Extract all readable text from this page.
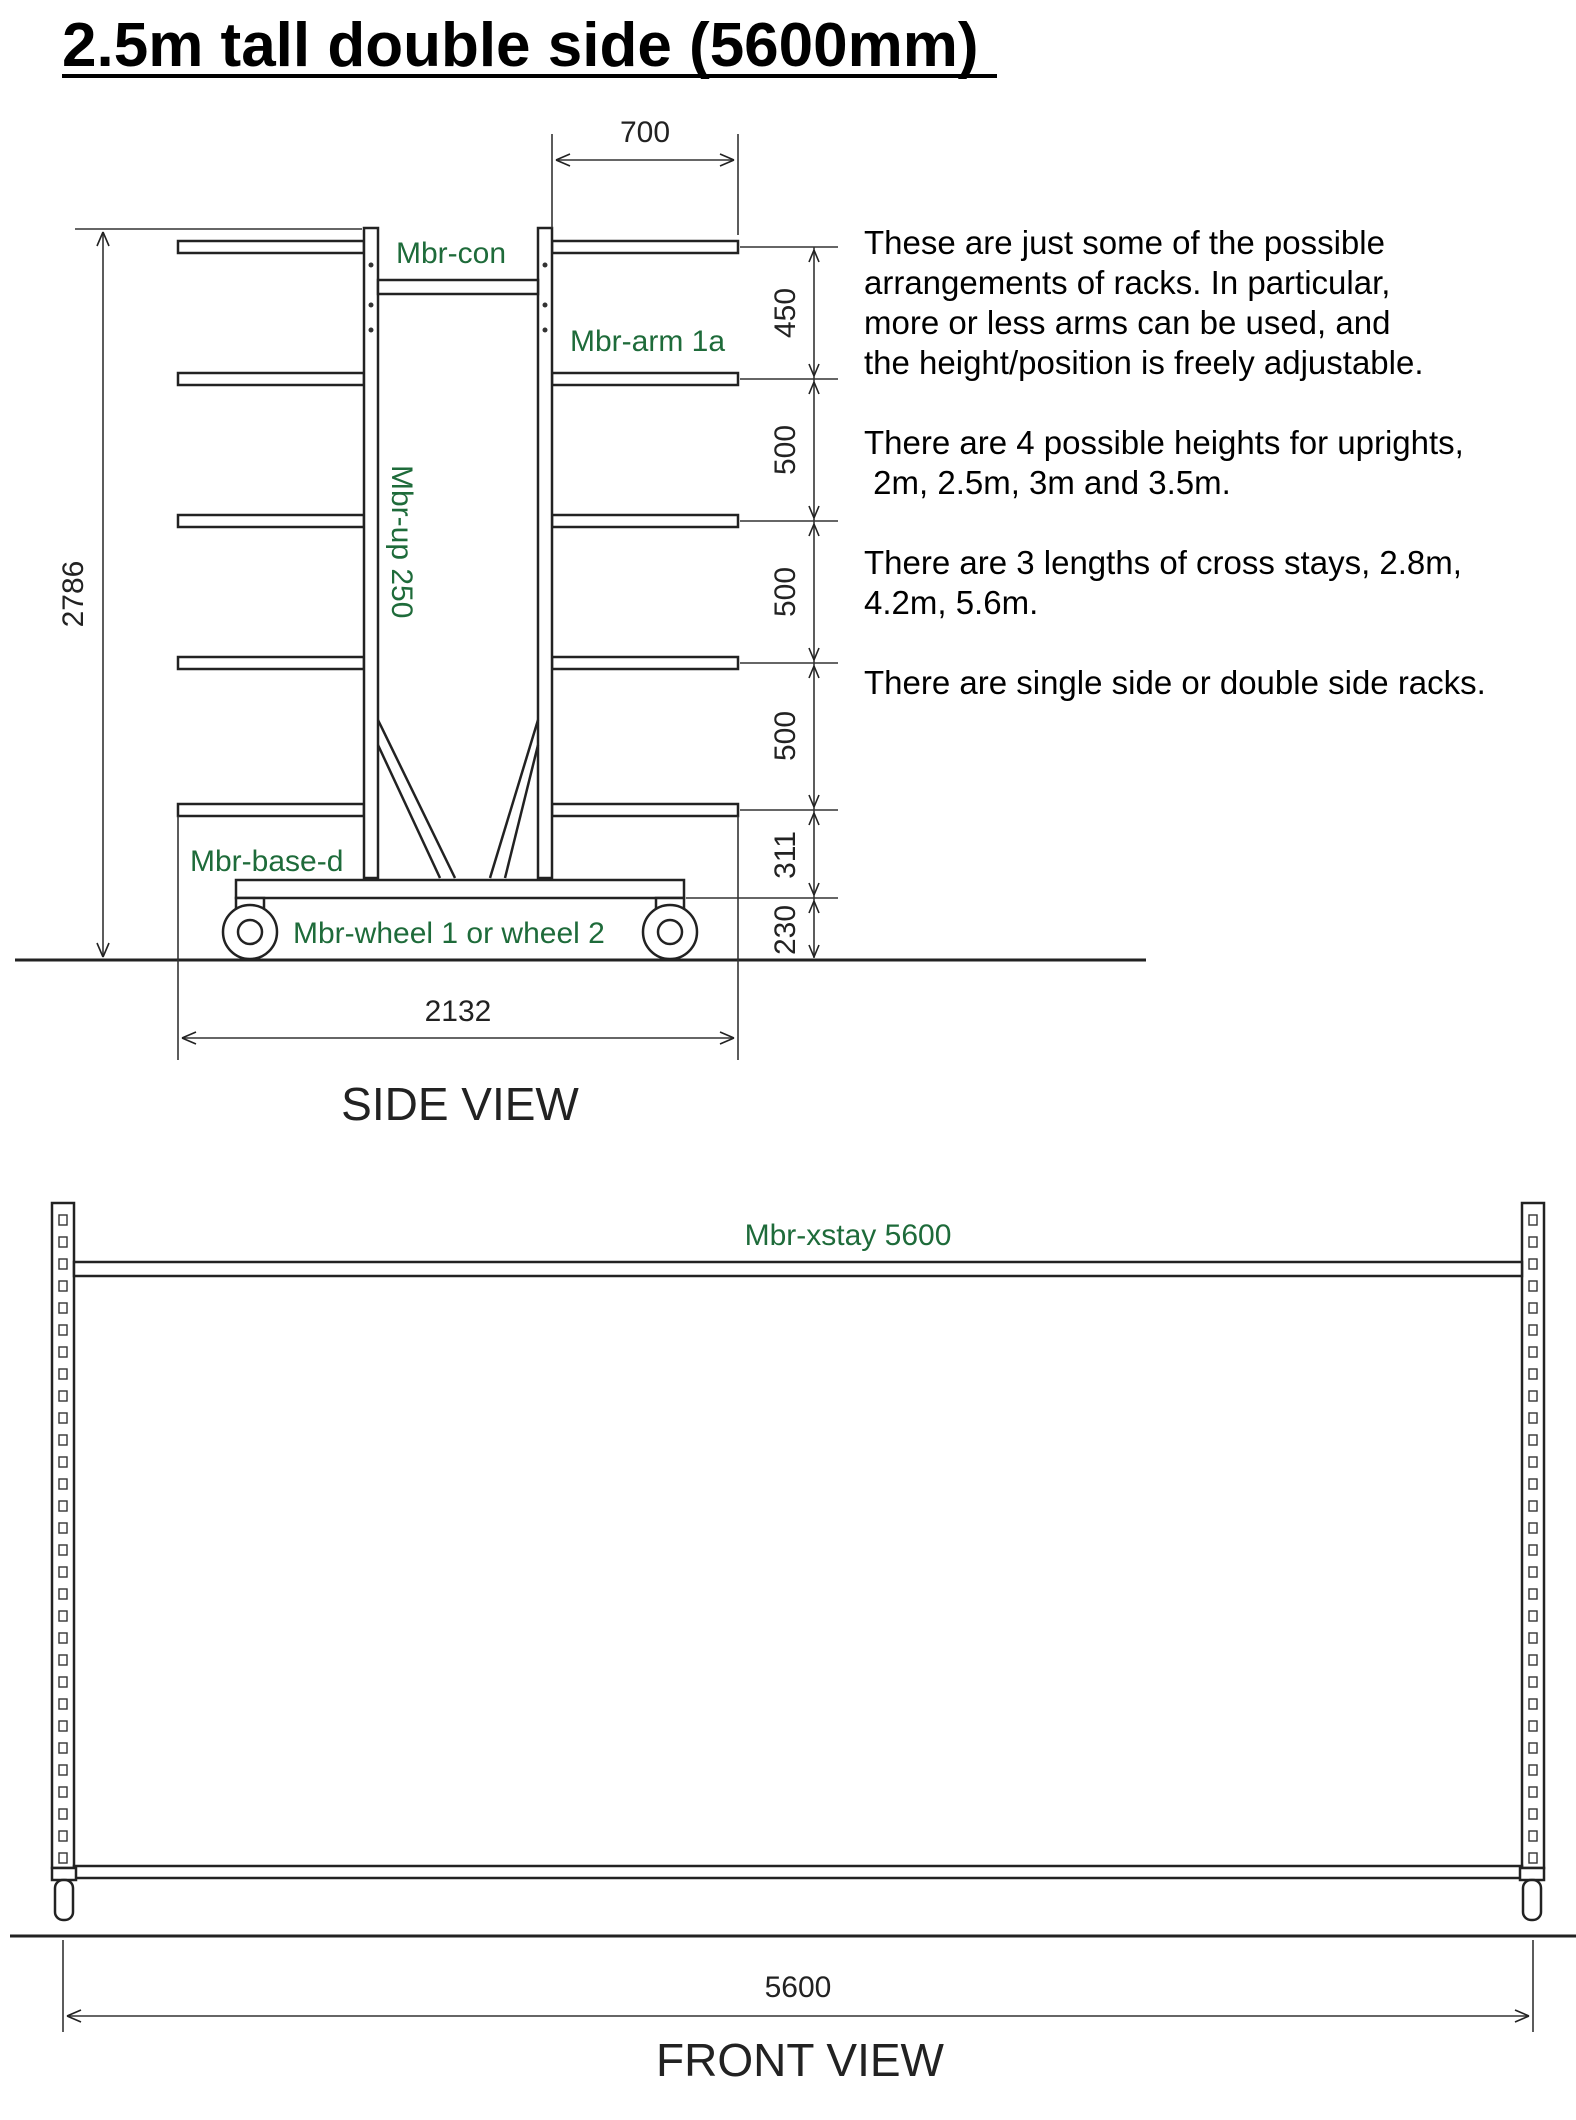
2.5m tall double side (5600mm)
700
2786
2132
450
500
500
500
311
230
Mbr-con
Mbr-arm 1a
Mbr-up 250
Mbr-base-d
Mbr-wheel 1 or wheel 2
SIDE VIEW
These are just some of the possible
arrangements of racks. In particular,
more or less arms can be used, and
the height/position is freely adjustable.
There are 4 possible heights for uprights,
2m, 2.5m, 3m and 3.5m.
There are 3 lengths of cross stays, 2.8m,
4.2m, 5.6m.
There are single side or double side racks.
5600
Mbr-xstay 5600
FRONT VIEW
